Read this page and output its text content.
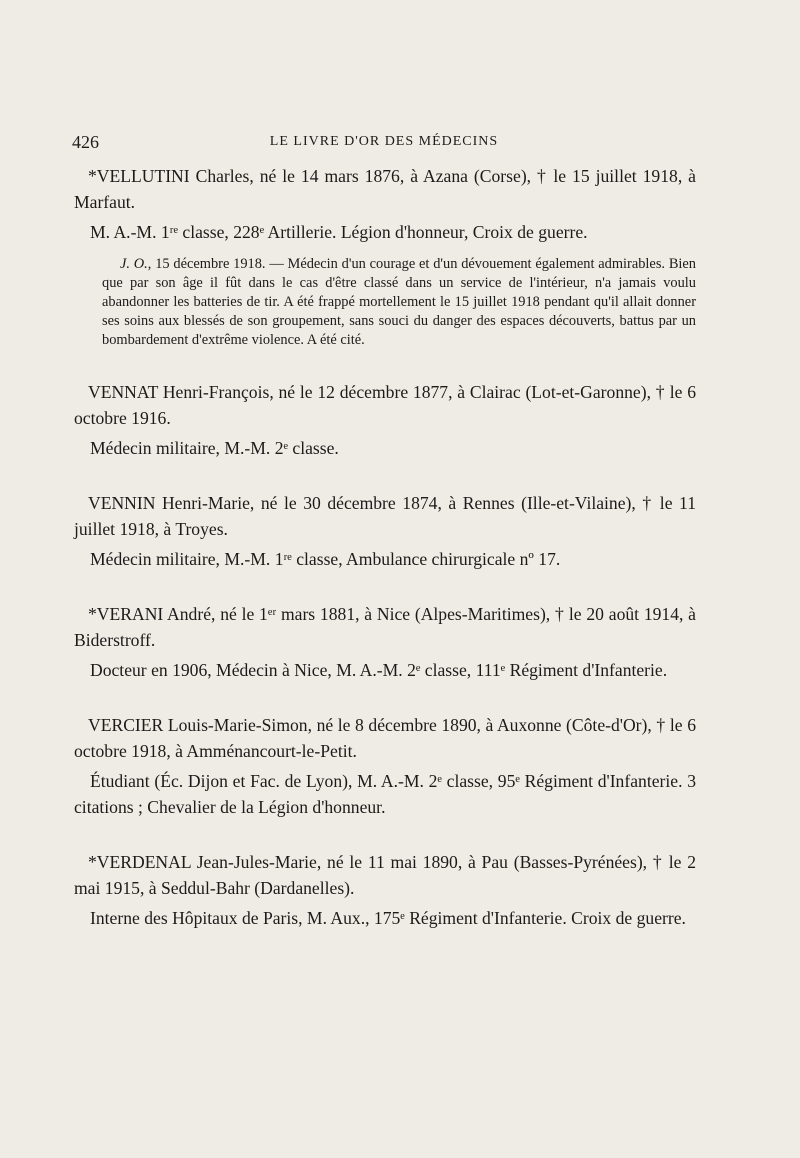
426	LE LIVRE D'OR DES MÉDECINS

*VELLUTINI Charles, né le 14 mars 1876, à Azana (Corse), † le 15 juillet 1918, à Marfaut.

M. A.-M. 1ʳᵉ classe, 228ᵉ Artillerie. Légion d'honneur, Croix de guerre.

J. O., 15 décembre 1918. — Médecin d'un courage et d'un dévouement également admirables. Bien que par son âge il fût dans le cas d'être classé dans un service de l'intérieur, n'a jamais voulu abandonner les batteries de tir. A été frappé mortellement le 15 juillet 1918 pendant qu'il allait donner ses soins aux blessés de son groupement, sans souci du danger des espaces découverts, battus par un bombardement d'extrême violence. A été cité.

VENNAT Henri-François, né le 12 décembre 1877, à Clairac (Lot-et-Garonne), † le 6 octobre 1916.

Médecin militaire, M.-M. 2ᵉ classe.

VENNIN Henri-Marie, né le 30 décembre 1874, à Rennes (Ille-et-Vilaine), † le 11 juillet 1918, à Troyes.

Médecin militaire, M.-M. 1ʳᵉ classe, Ambulance chirurgicale nº 17.

*VERANI André, né le 1ᵉʳ mars 1881, à Nice (Alpes-Maritimes), † le 20 août 1914, à Biderstroff.

Docteur en 1906, Médecin à Nice, M. A.-M. 2ᵉ classe, 111ᵉ Régiment d'Infanterie.

VERCIER Louis-Marie-Simon, né le 8 décembre 1890, à Auxonne (Côte-d'Or), † le 6 octobre 1918, à Amménancourt-le-Petit.

Étudiant (Éc. Dijon et Fac. de Lyon), M. A.-M. 2ᵉ classe, 95ᵉ Régiment d'Infanterie. 3 citations ; Chevalier de la Légion d'honneur.

*VERDENAL Jean-Jules-Marie, né le 11 mai 1890, à Pau (Basses-Pyrénées), † le 2 mai 1915, à Seddul-Bahr (Dardanelles).

Interne des Hôpitaux de Paris, M. Aux., 175ᵉ Régiment d'Infanterie. Croix de guerre.
